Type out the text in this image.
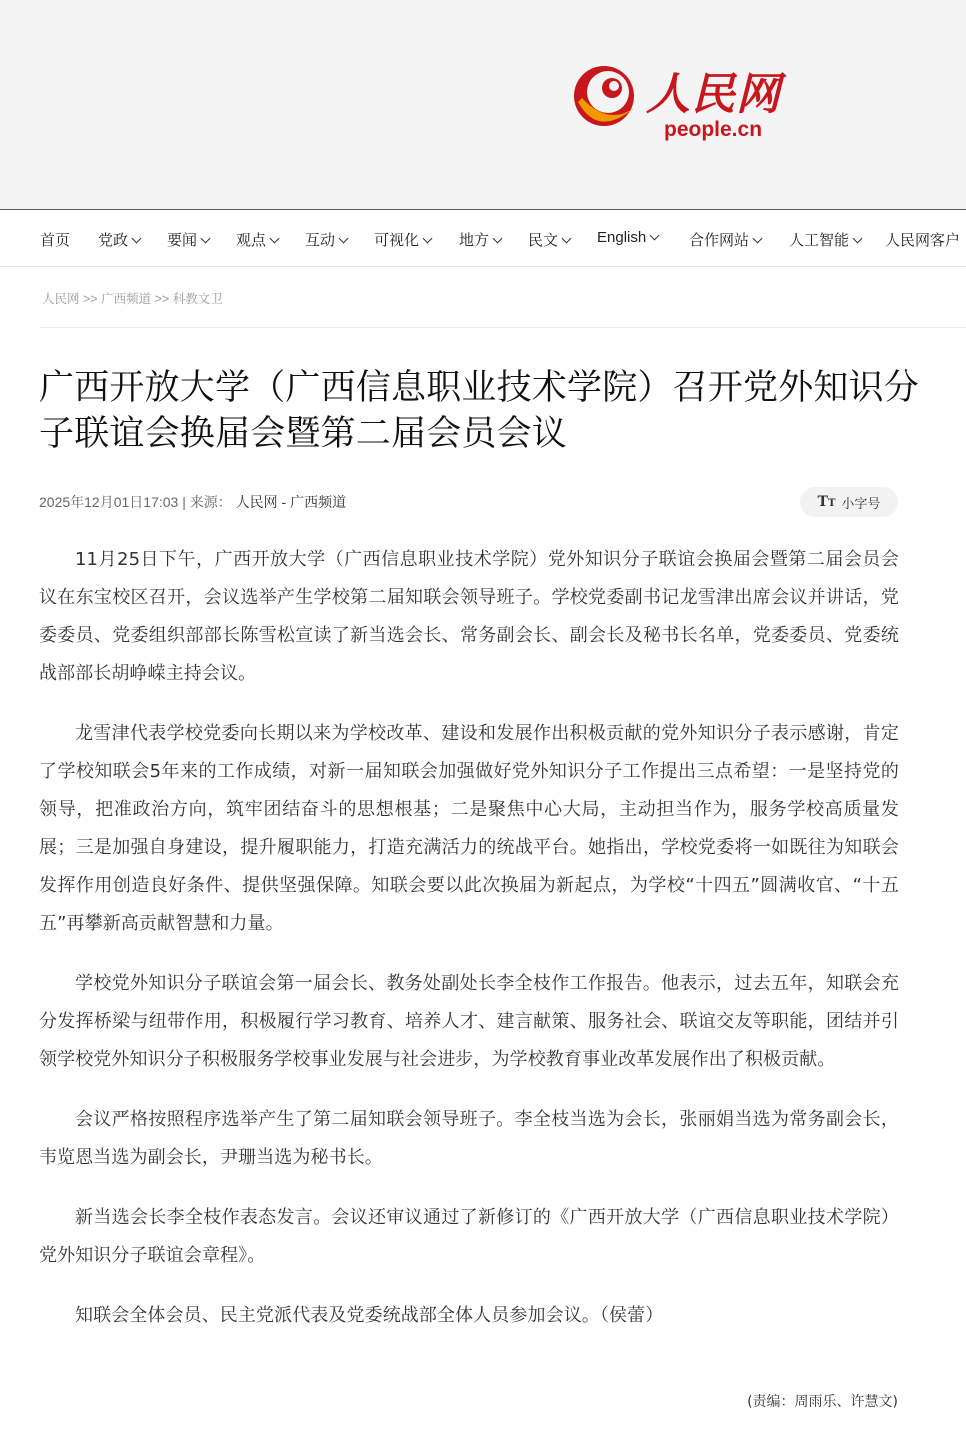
人民网
people.cn
首页 党政	要闻	观点	互动	可视化	地方	民文	English	合作网站	人工智能	人民网客户
人民网 >> 广西频道 >> 科教文卫
广西开放大学（广西信息职业技术学院）召开党外知识分子联谊会换届会暨第二届会员会议
2025年12月01日17:03 | 来源： 人民网 - 广西频道	TT 小字号

11月25日下午，广西开放大学（广西信息职业技术学院）党外知识分子联谊会换届会暨第二届会员会议在东宝校区召开，会议选举产生学校第二届知联会领导班子。学校党委副书记龙雪津出席会议并讲话，党委委员、党委组织部部长陈雪松宣读了新当选会长、常务副会长、副会长及秘书长名单，党委委员、党委统战部部长胡峥嵘主持会议。

龙雪津代表学校党委向长期以来为学校改革、建设和发展作出积极贡献的党外知识分子表示感谢，肯定了学校知联会5年来的工作成绩，对新一届知联会加强做好党外知识分子工作提出三点希望：一是坚持党的领导，把准政治方向，筑牢团结奋斗的思想根基；二是聚焦中心大局，主动担当作为，服务学校高质量发展；三是加强自身建设，提升履职能力，打造充满活力的统战平台。她指出，学校党委将一如既往为知联会发挥作用创造良好条件、提供坚强保障。知联会要以此次换届为新起点，为学校“十四五”圆满收官、“十五五”再攀新高贡献智慧和力量。

学校党外知识分子联谊会第一届会长、教务处副处长李全枝作工作报告。他表示，过去五年，知联会充分发挥桥梁与纽带作用，积极履行学习教育、培养人才、建言献策、服务社会、联谊交友等职能，团结并引领学校党外知识分子积极服务学校事业发展与社会进步，为学校教育事业改革发展作出了积极贡献。

会议严格按照程序选举产生了第二届知联会领导班子。李全枝当选为会长，张丽娟当选为常务副会长，韦览恩当选为副会长，尹珊当选为秘书长。

新当选会长李全枝作表态发言。会议还审议通过了新修订的《广西开放大学（广西信息职业技术学院）党外知识分子联谊会章程》。

知联会全体会员、民主党派代表及党委统战部全体人员参加会议。（侯蕾）

(责编：周雨乐、许慧文)
